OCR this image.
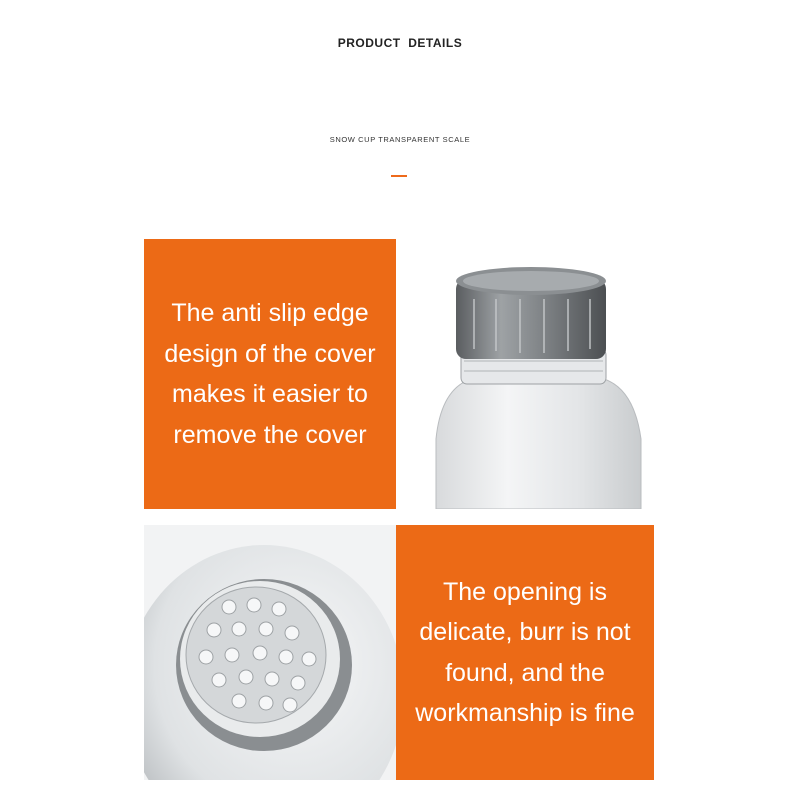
PRODUCT  DETAILS
SNOW CUP TRANSPARENT SCALE
The anti slip edge
design of the cover
makes it easier to
remove the cover
The opening is
delicate, burr is not
found, and the
workmanship is fine
